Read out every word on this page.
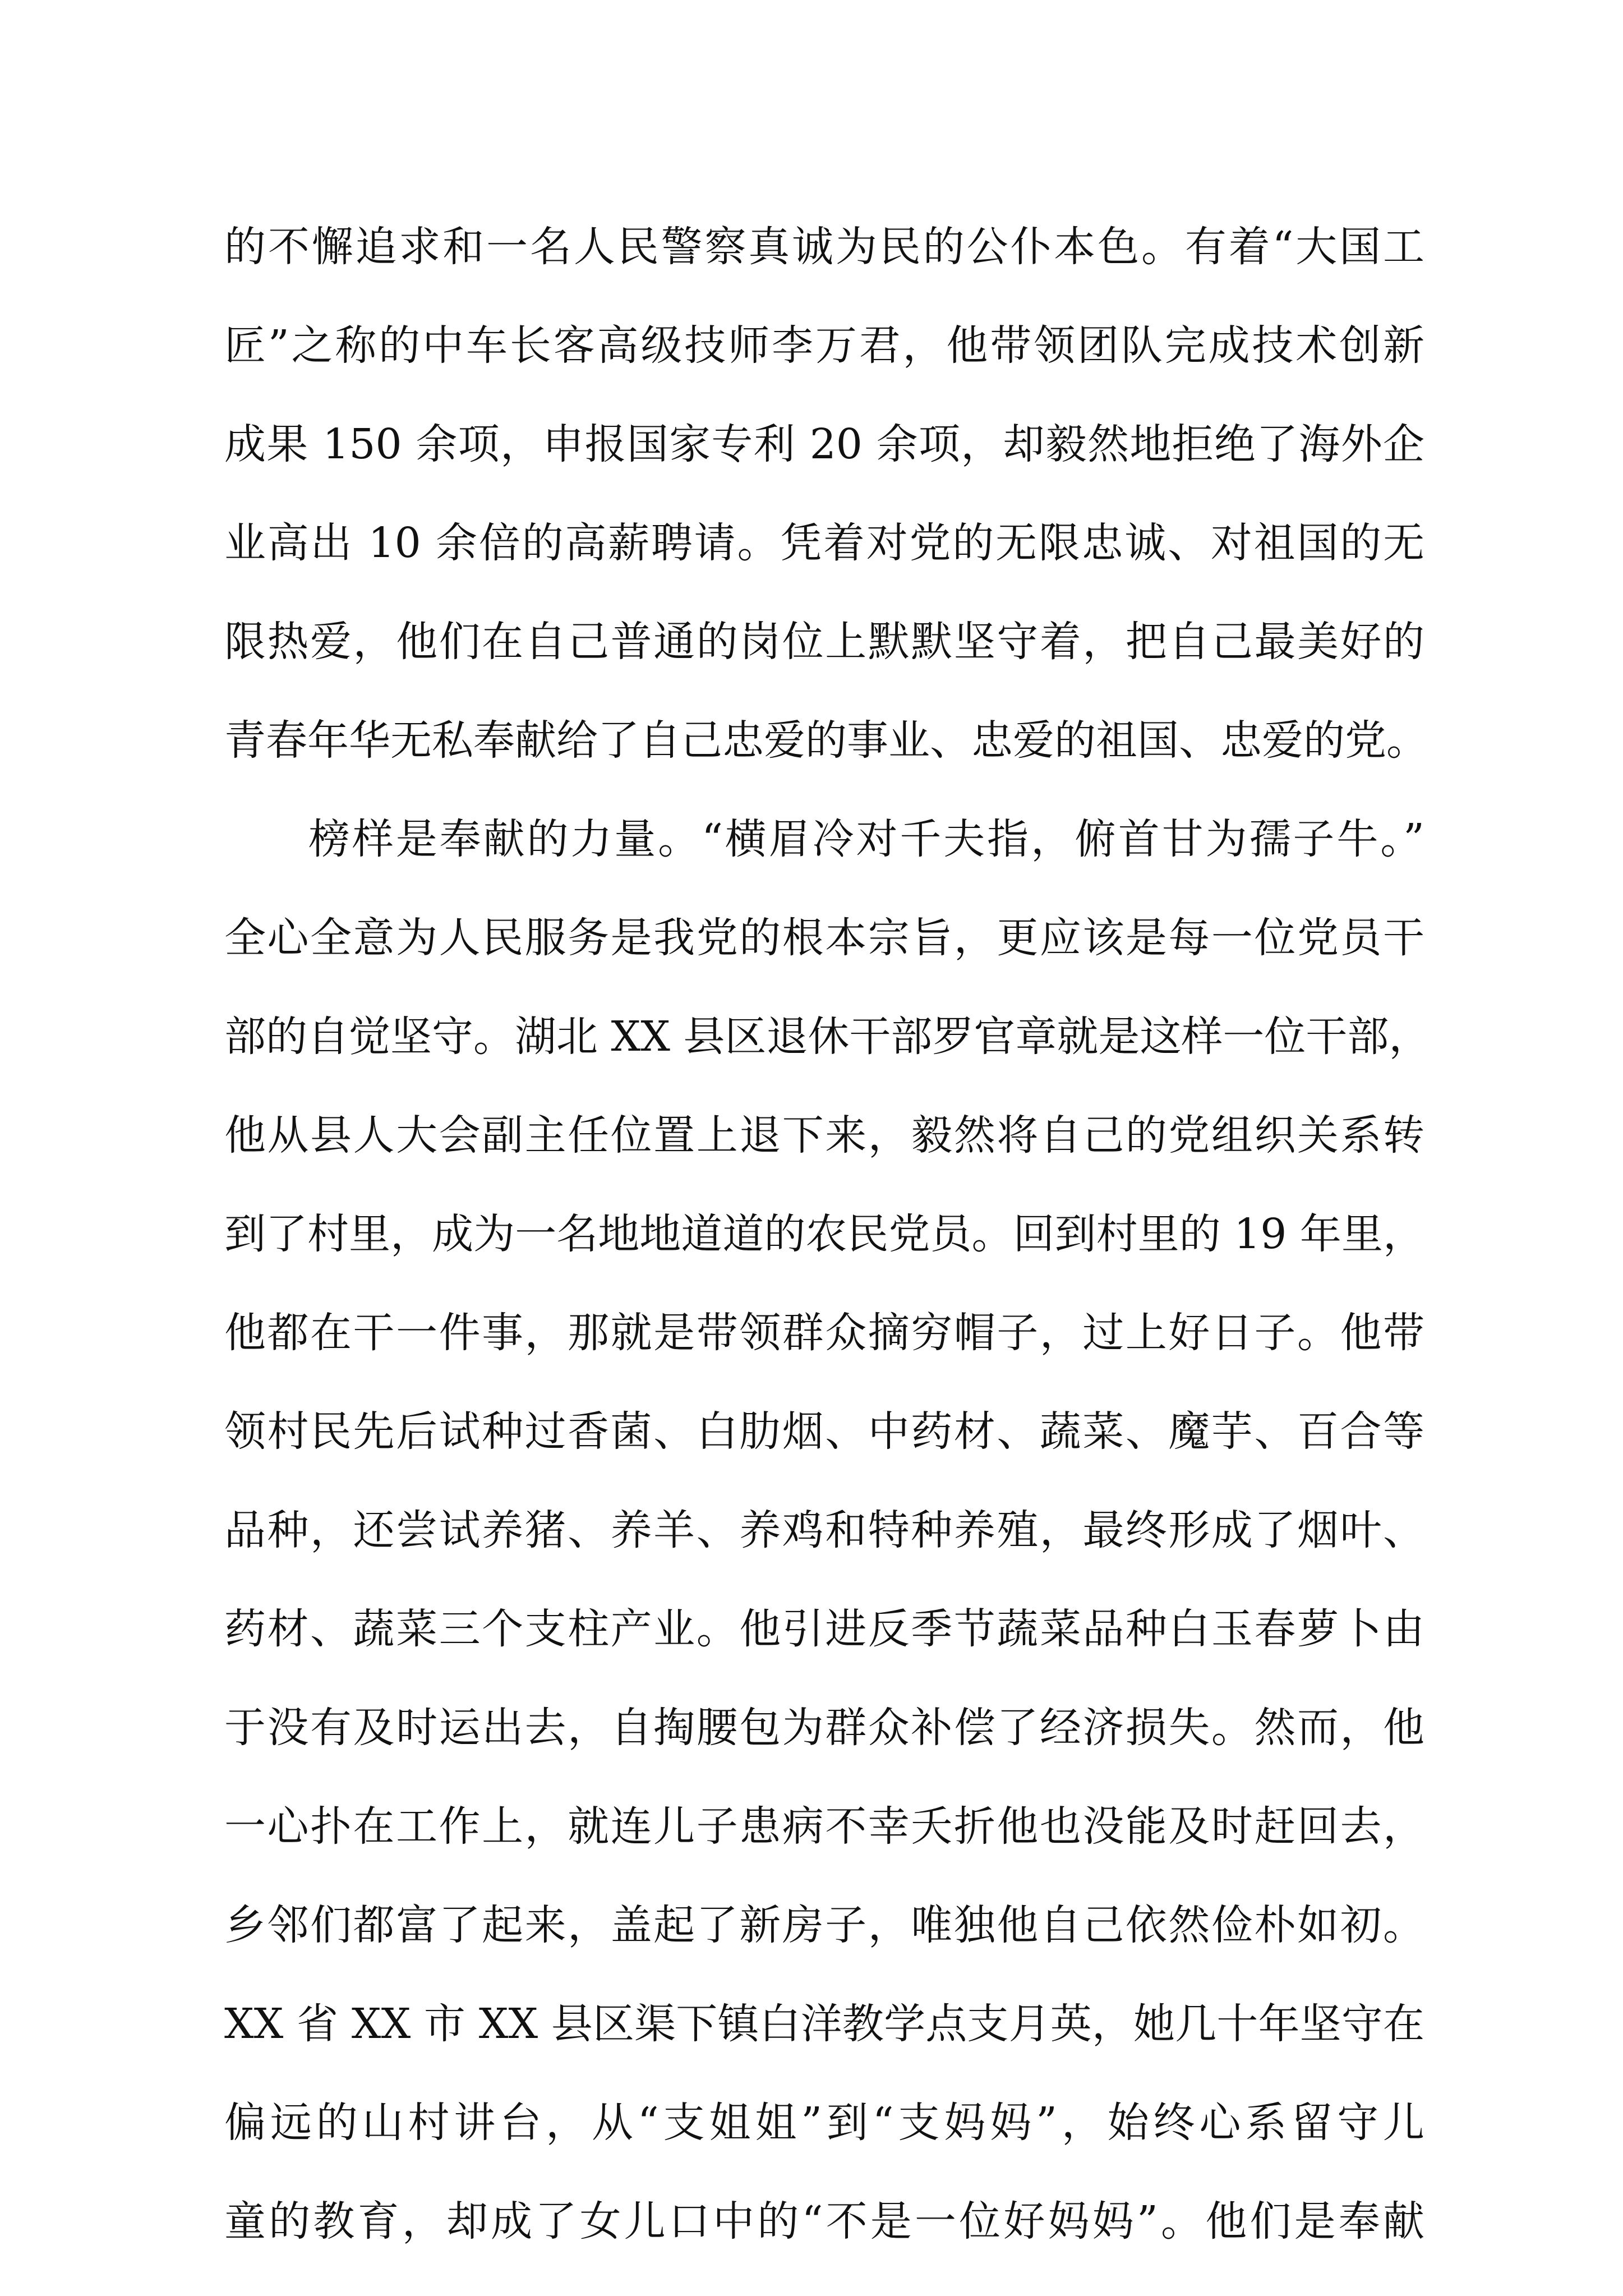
的不懈追求和一名人民警察真诚为民的公仆本色。有着“大国工
匠”之称的中车长客高级技师李万君，他带领团队完成技术创新
成果 150 余项，申报国家专利 20 余项，却毅然地拒绝了海外企
业高出 10 余倍的高薪聘请。凭着对党的无限忠诚、对祖国的无
限热爱，他们在自己普通的岗位上默默坚守着，把自己最美好的
青春年华无私奉献给了自己忠爱的事业、忠爱的祖国、忠爱的党。
榜样是奉献的力量。“横眉冷对千夫指，俯首甘为孺子牛。”
全心全意为人民服务是我党的根本宗旨，更应该是每一位党员干
部的自觉坚守。湖北 XX 县区退休干部罗官章就是这样一位干部，
他从县人大会副主任位置上退下来，毅然将自己的党组织关系转
到了村里，成为一名地地道道的农民党员。回到村里的 19 年里，
他都在干一件事，那就是带领群众摘穷帽子，过上好日子。他带
领村民先后试种过香菌、白肋烟、中药材、蔬菜、魔芋、百合等
品种，还尝试养猪、养羊、养鸡和特种养殖，最终形成了烟叶、
药材、蔬菜三个支柱产业。他引进反季节蔬菜品种白玉春萝卜由
于没有及时运出去，自掏腰包为群众补偿了经济损失。然而，他
一心扑在工作上，就连儿子患病不幸夭折他也没能及时赶回去，
乡邻们都富了起来，盖起了新房子，唯独他自己依然俭朴如初。
XX 省 XX 市 XX 县区渠下镇白洋教学点支月英，她几十年坚守在
偏远的山村讲台，从“支姐姐”到“支妈妈”，始终心系留守儿
童的教育，却成了女儿口中的“不是一位好妈妈”。他们是奉献
